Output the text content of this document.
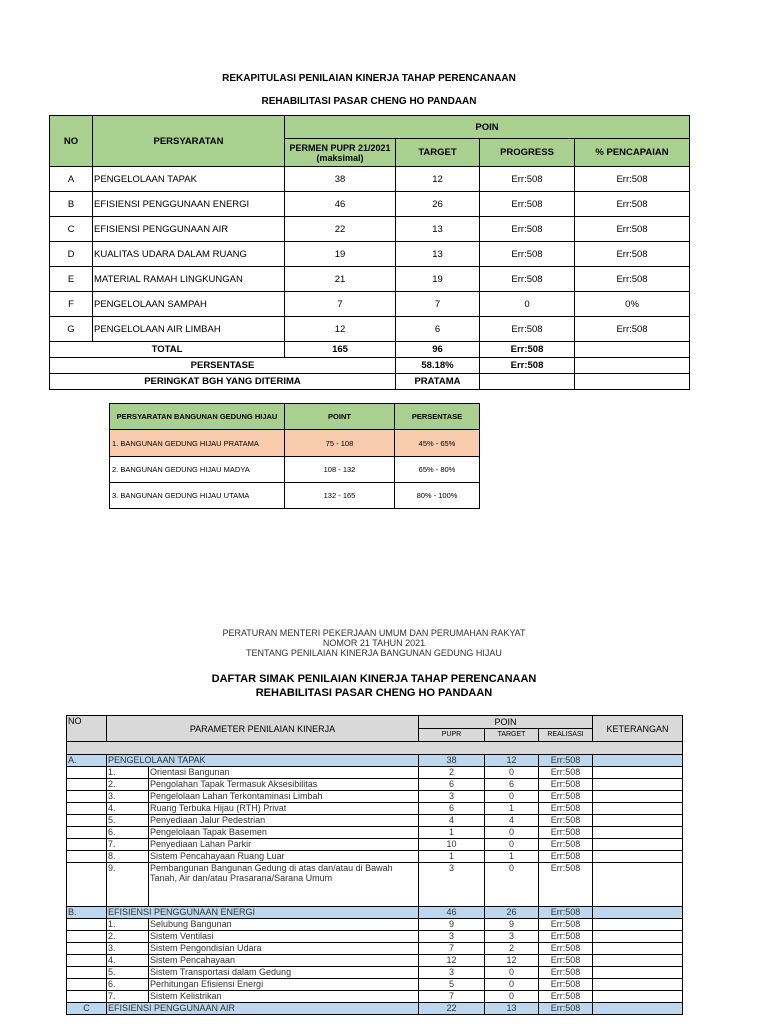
REKAPITULASI PENILAIAN KINERJA TAHAP PERENCANAAN
REHABILITASI PASAR CHENG HO PANDAAN
NO	PERSYARATAN	POIN			
		PERMEN PUPR 21/2021 (maksimal)	TARGET	PROGRESS	% PENCAPAIAN
A	PENGELOLAAN TAPAK	38	12	Err:508	Err:508
B	EFISIENSI PENGGUNAAN ENERGI	46	26	Err:508	Err:508
C	EFISIENSI PENGGUNAAN AIR	22	13	Err:508	Err:508
D	KUALITAS UDARA DALAM RUANG	19	13	Err:508	Err:508
E	MATERIAL RAMAH LINGKUNGAN	21	19	Err:508	Err:508
F	PENGELOLAAN SAMPAH	7	7	0	0%
G	PENGELOLAAN AIR LIMBAH	12	6	Err:508	Err:508
TOTAL		165	96	Err:508	
PERSENTASE			58.18%	Err:508	
PERINGKAT BGH YANG DITERIMA			PRATAMA		
PERSYARATAN BANGUNAN GEDUNG HIJAU	POINT	PERSENTASE
1. BANGUNAN GEDUNG HIJAU PRATAMA	75 - 108	45% - 65%
2. BANGUNAN GEDUNG HIJAU MADYA	108 - 132	65% - 80%
3. BANGUNAN GEDUNG HIJAU UTAMA	132 - 165	80% - 100%
PERATURAN MENTERI PEKERJAAN UMUM DAN PERUMAHAN RAKYAT
NOMOR 21 TAHUN 2021
TENTANG PENILAIAN KINERJA BANGUNAN GEDUNG HIJAU
DAFTAR SIMAK PENILAIAN KINERJA TAHAP PERENCANAAN
REHABILITASI PASAR CHENG HO PANDAAN
NO	PARAMETER PENILAIAN KINERJA		POIN			KETERANGAN
			PUPR	TARGET	REALISASI	

A.	PENGELOLAAN TAPAK		38	12	Err:508	
	1.	Orientasi Bangunan	2	0	Err:508	
	2.	Pengolahan Tapak Termasuk Aksesibilitas	6	6	Err:508	
	3.	Pengelolaan Lahan Terkontaminasi Limbah	3	0	Err:508	
	4.	Ruang Terbuka Hijau (RTH) Privat	6	1	Err:508	
	5.	Penyediaan Jalur Pedestrian	4	4	Err:508	
	6.	Pengelolaan Tapak Basemen	1	0	Err:508	
	7.	Penyediaan Lahan Parkir	10	0	Err:508	
	8.	Sistem Pencahayaan Ruang Luar	1	1	Err:508	
	9.	Pembangunan Bangunan Gedung di atas dan/atau di Bawah Tanah, Air dan/atau Prasarana/Sarana Umum	3	0	Err:508	
B.	EFISIENSI PENGGUNAAN ENERGI		46	26	Err:508	
	1.	Selubung Bangunan	9	9	Err:508	
	2.	Sistem Ventilasi	3	3	Err:508	
	3.	Sistem Pengondisian Udara	7	2	Err:508	
	4.	Sistem Pencahayaan	12	12	Err:508	
	5.	Sistem Transportasi dalam Gedung	3	0	Err:508	
	6.	Perhitungan Efisiensi Energi	5	0	Err:508	
	7.	Sistem Kelistrikan	7	0	Err:508	
C	EFISIENSI PENGGUNAAN AIR		22	13	Err:508	
